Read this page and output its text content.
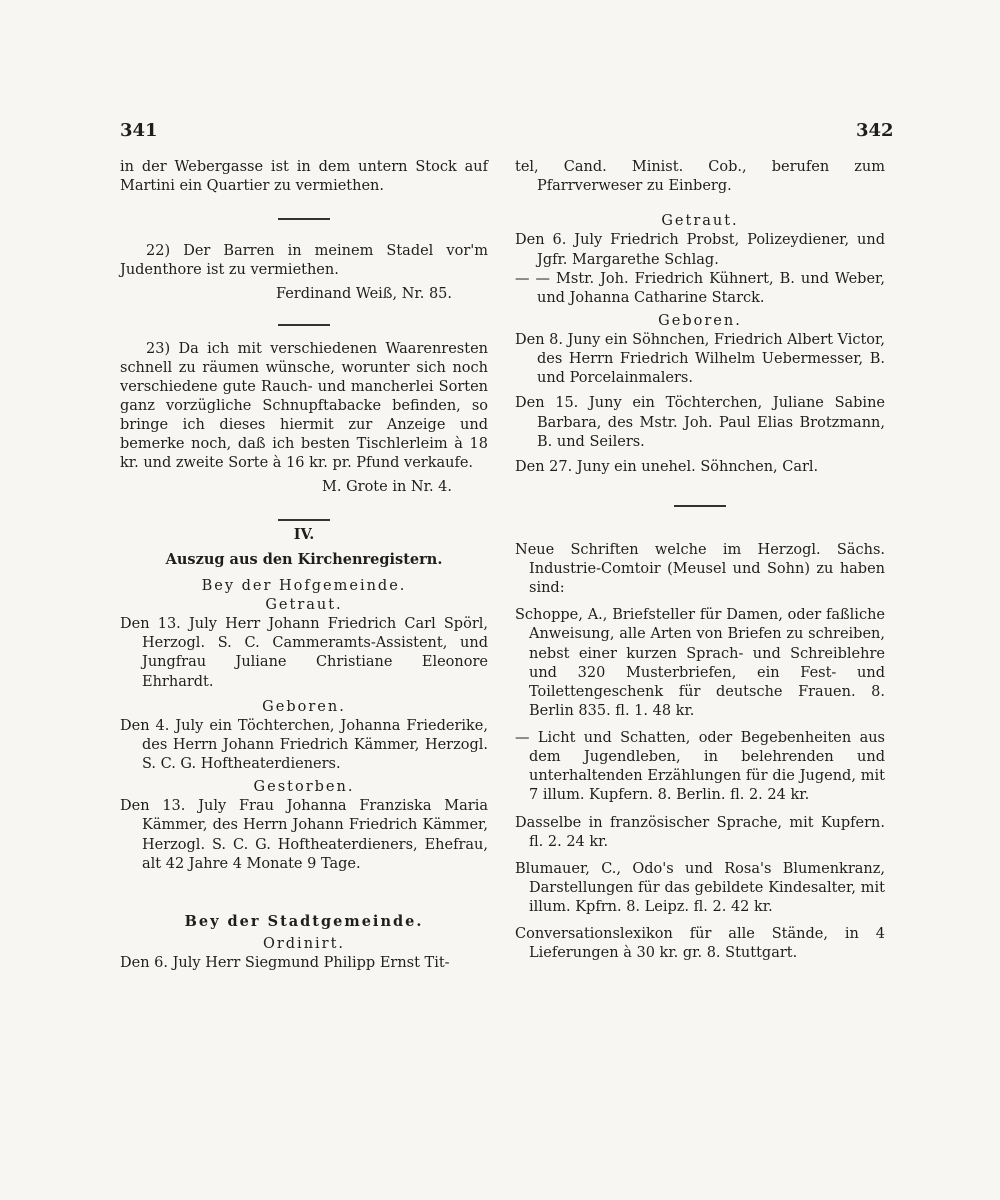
341	342

in der Webergasse ist in dem untern Stock auf Martini ein Quartier zu vermiethen.

22) Der Barren in meinem Stadel vor'm Judenthore ist zu vermiethen.

Ferdinand Weiß, Nr. 85.

23) Da ich mit verschiedenen Waarenresten schnell zu räumen wünsche, worunter sich noch verschiedene gute Rauch- und mancherlei Sorten ganz vorzügliche Schnupftabacke befinden, so bringe ich dieses hiermit zur Anzeige und bemerke noch, daß ich besten Tischlerleim à 18 kr. und zweite Sorte à 16 kr. pr. Pfund verkaufe.

M. Grote in Nr. 4.

IV.

Auszug aus den Kirchenregistern.

Bey der Hofgemeinde.

Getraut.

Den 13. July Herr Johann Friedrich Carl Spörl, Herzogl. S. C. Cammeramts-Assistent, und Jungfrau Juliane Christiane Eleonore Ehrhardt.

Geboren.

Den 4. July ein Töchterchen, Johanna Friederike, des Herrn Johann Friedrich Kämmer, Herzogl. S. C. G. Hoftheaterdieners.

Gestorben.

Den 13. July Frau Johanna Franziska Maria Kämmer, des Herrn Johann Friedrich Kämmer, Herzogl. S. C. G. Hoftheaterdieners, Ehefrau, alt 42 Jahre 4 Monate 9 Tage.

Bey der Stadtgemeinde.

Ordinirt.

Den 6. July Herr Siegmund Philipp Ernst Tit-

tel, Cand. Minist. Cob., berufen zum Pfarrverweser zu Einberg.

Getraut.

Den 6. July Friedrich Probst, Polizeydiener, und Jgfr. Margarethe Schlag.

— — Mstr. Joh. Friedrich Kühnert, B. und Weber, und Johanna Catharine Starck.

Geboren.

Den 8. Juny ein Söhnchen, Friedrich Albert Victor, des Herrn Friedrich Wilhelm Uebermesser, B. und Porcelainmalers.

Den 15. Juny ein Töchterchen, Juliane Sabine Barbara, des Mstr. Joh. Paul Elias Brotzmann, B. und Seilers.

Den 27. Juny ein unehel. Söhnchen, Carl.

Neue Schriften welche im Herzogl. Sächs. Industrie-Comtoir (Meusel und Sohn) zu haben sind:

Schoppe, A., Briefsteller für Damen, oder faßliche Anweisung, alle Arten von Briefen zu schreiben, nebst einer kurzen Sprach- und Schreiblehre und 320 Musterbriefen, ein Fest- und Toilettengeschenk für deutsche Frauen. 8. Berlin 835. fl. 1. 48 kr.

— Licht und Schatten, oder Begebenheiten aus dem Jugendleben, in belehrenden und unterhaltenden Erzählungen für die Jugend, mit 7 illum. Kupfern. 8. Berlin. fl. 2. 24 kr.

Dasselbe in französischer Sprache, mit Kupfern. fl. 2. 24 kr.

Blumauer, C., Odo's und Rosa's Blumenkranz, Darstellungen für das gebildete Kindesalter, mit illum. Kpfrn. 8. Leipz. fl. 2. 42 kr.

Conversationslexikon für alle Stände, in 4 Lieferungen à 30 kr. gr. 8. Stuttgart.
